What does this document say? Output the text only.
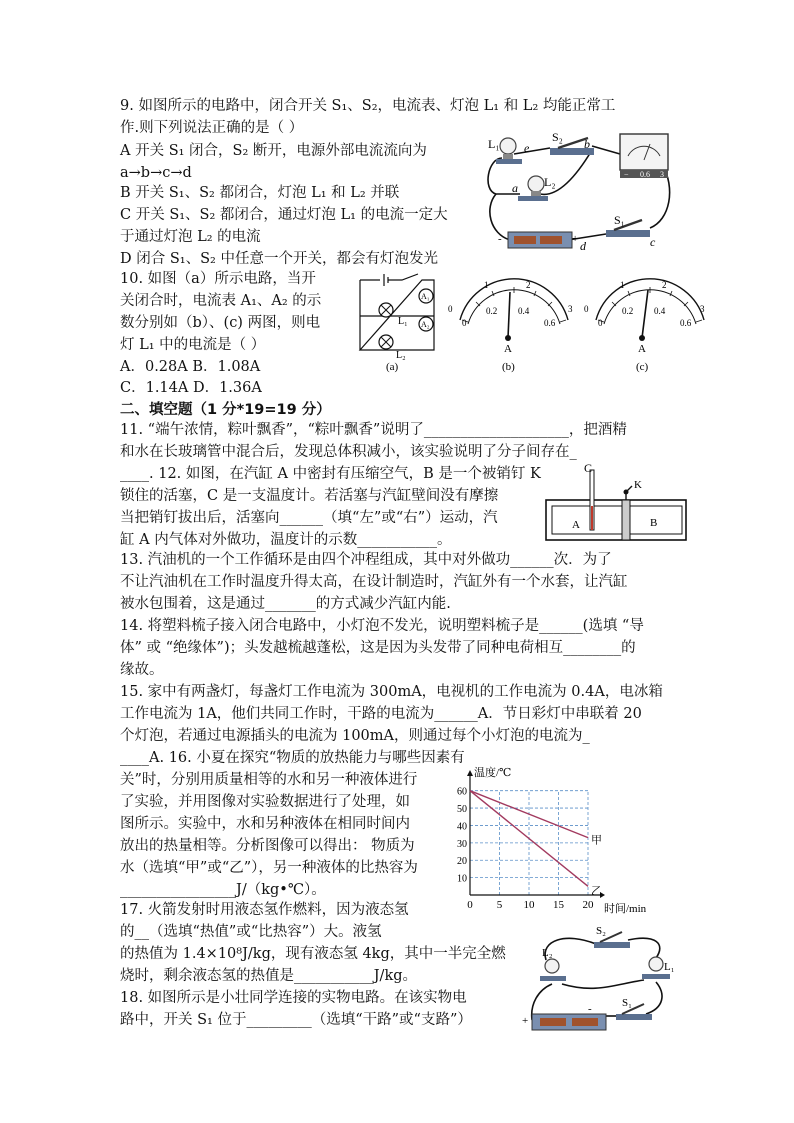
9. 如图所示的电路中，闭合开关 S₁、S₂，电流表、灯泡 L₁ 和 L₂ 均能正常工
作.则下列说法正确的是（ ）
A 开关 S₁ 闭合，S₂ 断开，电源外部电流流向为
a→b→c→d
B 开关 S₁、S₂ 都闭合，灯泡 L₁ 和 L₂ 并联
C 开关 S₁、S₂ 都闭合，通过灯泡 L₁ 的电流一定大
于通过灯泡 L₂ 的电流
D 闭合 S₁、S₂ 中任意一个开关，都会有灯泡发光
10. 如图（a）所示电路，当开
关闭合时，电流表 A₁、A₂ 的示
数分别如（b）、(c) 两图，则电
灯 L₁ 中的电流是（ ）
A．0.28A B．1.08A
C．1.14A D．1.36A
二、填空题（1 分*19=19 分）
11. “端午浓情，粽叶飘香”，“粽叶飘香”说明了____________________，把酒精
和水在长玻璃管中混合后，发现总体积减小，该实验说明了分子间存在_
____. 12. 如图，在汽缸 A 中密封有压缩空气，B 是一个被销钉 K
锁住的活塞，C 是一支温度计。若活塞与汽缸壁间没有摩擦
当把销钉拔出后，活塞向______（填“左”或“右”）运动，汽
缸 A 内气体对外做功，温度计的示数___________。
13. 汽油机的一个工作循环是由四个冲程组成，其中对外做功______次．为了
不让汽油机在工作时温度升得太高，在设计制造时，汽缸外有一个水套，让汽缸
被水包围着，这是通过_______的方式减少汽缸内能.
14. 将塑料梳子接入闭合电路中，小灯泡不发光，说明塑料梳子是______(选填 “导
体” 或 “绝缘体”)；头发越梳越蓬松，这是因为头发带了同种电荷相互________的
缘故。
15. 家中有两盏灯，每盏灯工作电流为 300mA，电视机的工作电流为 0.4A，电冰箱
工作电流为 1A，他们共同工作时，干路的电流为______A．节日彩灯中串联着 20
个灯泡，若通过电源插头的电流为 100mA，则通过每个小灯泡的电流为_
____A. 16. 小夏在探究“物质的放热能力与哪些因素有
关”时，分别用质量相等的水和另一种液体进行
了实验，并用图像对实验数据进行了处理，如
图所示。实验中，水和另种液体在相同时间内
放出的热量相等。分析图像可以得出： 物质为
水（选填“甲”或“乙”），另一种液体的比热容为
________________J/（kg•℃）。
17. 火箭发射时用液态氢作燃料，因为液态氢
的__（选填“热值”或“比热容”）大。液氢
的热值为 1.4×10⁸J/kg，现有液态氢 4kg，其中一半完全燃
烧时，剩余液态氢的热值是___________J/kg。
18. 如图所示是小壮同学连接的实物电路。在该实物电
路中，开关 S₁ 位于_________（选填“干路”或“支路”）
L₁ e
S₂ b
a L₂
S₁
c
d
+
-
− 0.6 3
A₁
L₁ A₂
L₂
(a)
0
1	2
3
0
0.2 0.4
0.6
A
(b)
0
1	2
3
0
0.2 0.4
0.6
A
(c)
C
K
A	B
0 5 10 15 20
60
50
40
30
20
10
甲
乙
温度/℃
时间/min
S₂
L₂
L₁
S₁
+
-
